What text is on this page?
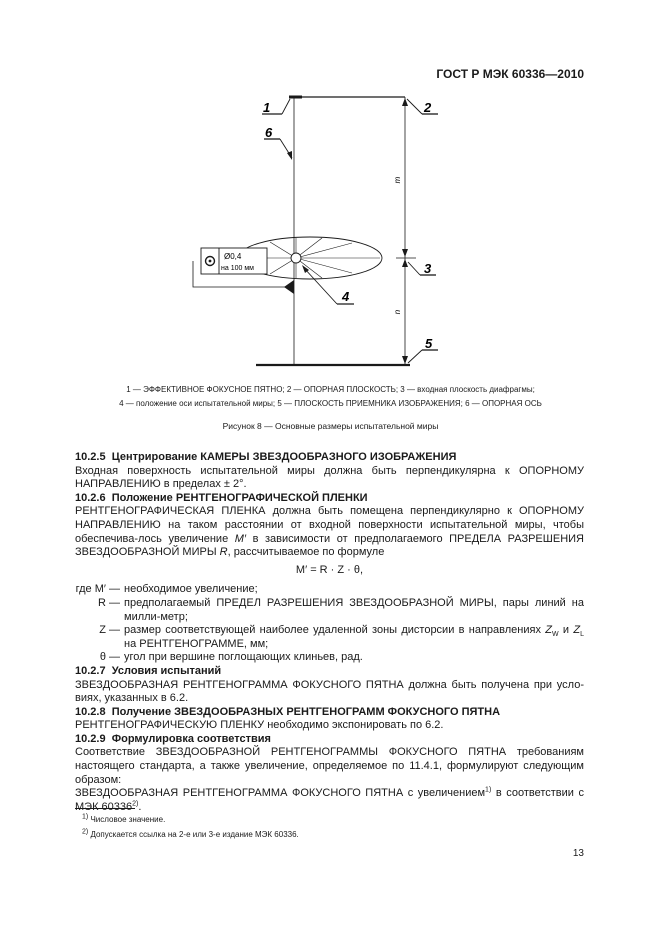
ГОСТ Р МЭК 60336—2010
m
n
Ø0,4
на 100 мм
1	2
6
3
4
5
1 — ЭФФЕКТИВНОЕ ФОКУСНОЕ ПЯТНО; 2 — ОПОРНАЯ ПЛОСКОСТЬ; 3 — входная плоскость диафрагмы;
4 — положение оси испытательной миры; 5 — ПЛОСКОСТЬ ПРИЕМНИКА ИЗОБРАЖЕНИЯ; 6 — ОПОРНАЯ ОСЬ
Рисунок 8 — Основные размеры испытательной миры

10.2.5 Центрирование КАМЕРЫ ЗВЕЗДООБРАЗНОГО ИЗОБРАЖЕНИЯ

Входная поверхность испытательной миры должна быть перпендикулярна к ОПОРНОМУ НАПРАВЛЕНИЮ в пределах ± 2°.

10.2.6 Положение РЕНТГЕНОГРАФИЧЕСКОЙ ПЛЕНКИ

РЕНТГЕНОГРАФИЧЕСКАЯ ПЛЕНКА должна быть помещена перпендикулярно к ОПОРНОМУ НАПРАВЛЕНИЮ на таком расстоянии от входной поверхности испытательной миры, чтобы обеспечива-лось увеличение M′ в зависимости от предполагаемого ПРЕДЕЛА РАЗРЕШЕНИЯ ЗВЕЗДООБРАЗНОЙ МИРЫ R, рассчитываемое по формуле

M′ = R · Z · θ,

где M′ — необходимое увеличение;
R — предполагаемый ПРЕДЕЛ РАЗРЕШЕНИЯ ЗВЕЗДООБРАЗНОЙ МИРЫ, пары линий на милли-метр;
Z — размер соответствующей наиболее удаленной зоны дисторсии в направлениях $Z_W$ и $Z_L$ на РЕНТГЕНОГРАММЕ, мм;
θ — угол при вершине поглощающих клиньев, рад.

10.2.7 Условия испытаний

ЗВЕЗДООБРАЗНАЯ РЕНТГЕНОГРАММА ФОКУСНОГО ПЯТНА должна быть получена при усло-виях, указанных в 6.2.

10.2.8 Получение ЗВЕЗДООБРАЗНЫХ РЕНТГЕНОГРАММ ФОКУСНОГО ПЯТНА

РЕНТГЕНОГРАФИЧЕСКУЮ ПЛЕНКУ необходимо экспонировать по 6.2.

10.2.9 Формулировка соответствия

Соответствие ЗВЕЗДООБРАЗНОЙ РЕНТГЕНОГРАММЫ ФОКУСНОГО ПЯТНА требованиям настоящего стандарта, а также увеличение, определяемое по 11.4.1, формулируют следующим образом:

ЗВЕЗДООБРАЗНАЯ РЕНТГЕНОГРАММА ФОКУСНОГО ПЯТНА с увеличением$^{1)}$ в соответствии с МЭК 60336$^{2)}$.

$^{1)}$ Числовое значение.
$^{2)}$ Допускается ссылка на 2-е или 3-е издание МЭК 60336.
13
